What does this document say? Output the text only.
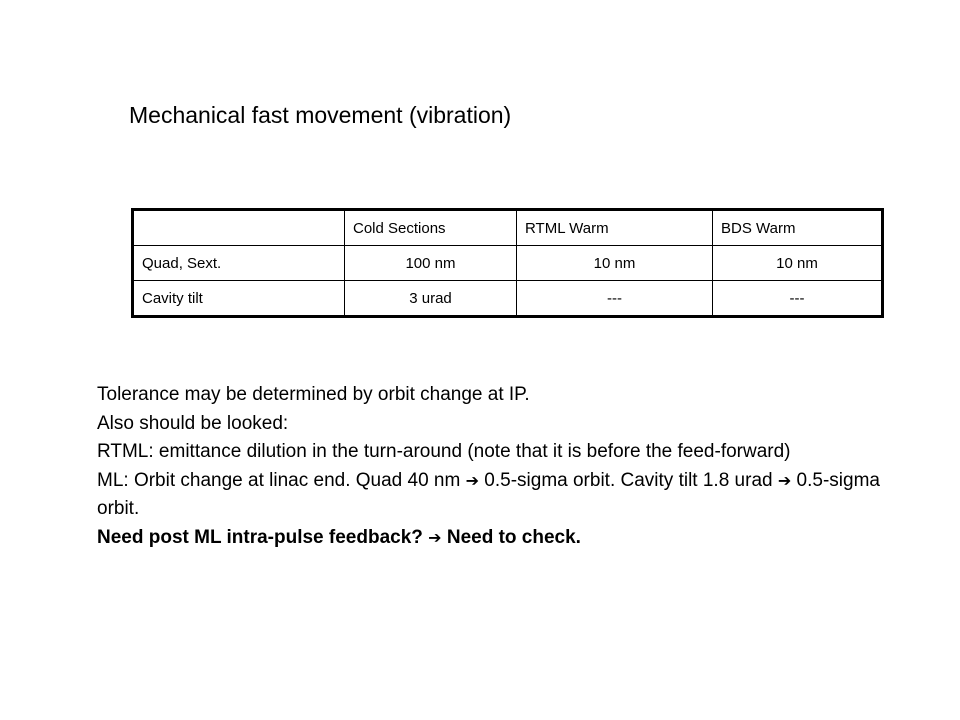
Mechanical fast movement (vibration)
	Cold Sections	RTML Warm	BDS Warm
Quad, Sext.	100 nm	10 nm	10 nm
Cavity tilt	3 urad	---	---

Tolerance may be determined by orbit change at IP.

Also should be looked:

RTML: emittance dilution in the turn-around (note that it is before the feed-forward)

ML: Orbit change at linac end. Quad 40 nm ➔ 0.5-sigma orbit. Cavity tilt 1.8 urad ➔ 0.5-sigma orbit.

Need post ML intra-pulse feedback? ➔ Need to check.
